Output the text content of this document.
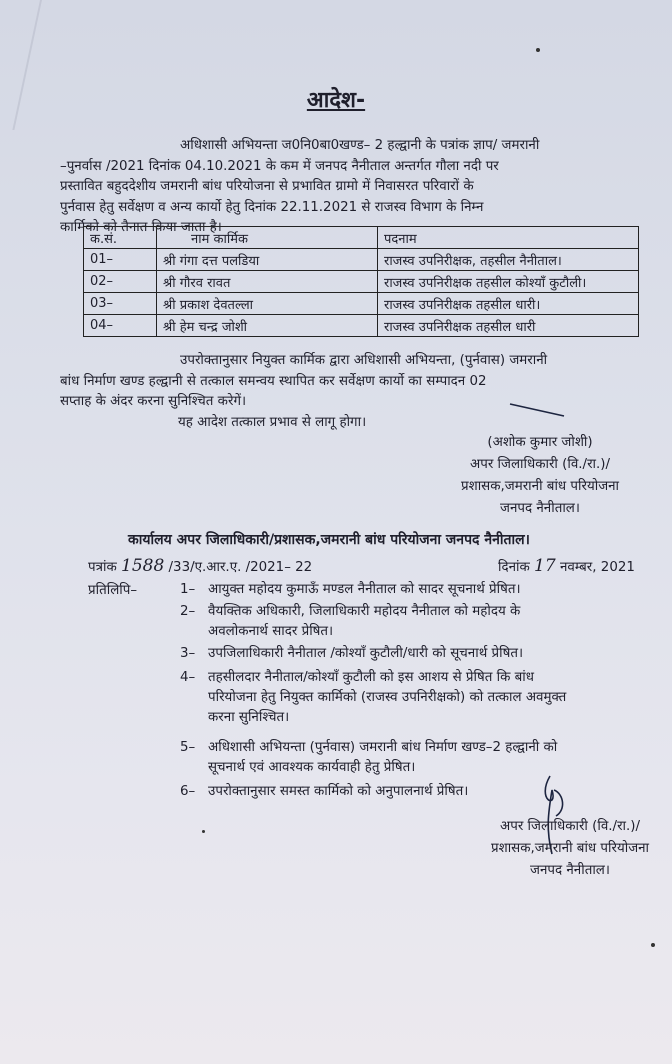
आदेश-
अधिशासी अभियन्ता ज0नि0बा0खण्ड– 2 हल्द्वानी के पत्रांक ज्ञाप/ जमरानी
–पुनर्वास /2021 दिनांक 04.10.2021 के कम में जनपद नैनीताल अन्तर्गत गौला नदी पर
प्रस्तावित बहुददेशीय जमरानी बांध परियोजना से प्रभावित ग्रामो में निवासरत परिवारों के
पुर्नवास हेतु सर्वेक्षण व अन्य कार्यो हेतु दिनांक 22.11.2021 से राजस्व विभाग के निम्न
कार्मिको को तैनात किया जाता है।
क.सं.	नाम कार्मिक	पदनाम
01–	श्री गंगा दत्त पलडिया	राजस्व उपनिरीक्षक, तहसील नैनीताल।
02–	श्री गौरव रावत	राजस्व उपनिरीक्षक तहसील कोश्यॉं कुटौली।
03–	श्री प्रकाश देवतल्ला	राजस्व उपनिरीक्षक तहसील धारी।
04–	श्री हेम चन्द्र जोशी	राजस्व उपनिरीक्षक तहसील धारी
उपरोक्तानुसार नियुक्त कार्मिक द्वारा अधिशासी अभियन्ता, (पुर्नवास) जमरानी
बांध निर्माण खण्ड हल्द्वानी से तत्काल समन्वय स्थापित कर सर्वेक्षण कार्यो का सम्पादन 02
सप्ताह के अंदर करना सुनिश्चित करेगें।
यह आदेश तत्काल प्रभाव से लागू होगा।
(अशोक कुमार जोशी)
अपर जिलाधिकारी (वि./रा.)/
प्रशासक,जमरानी बांध परियोजना
जनपद नैनीताल।
कार्यालय अपर जिलाधिकारी/प्रशासक,जमरानी बांध परियोजना जनपद नैनीताल।
पत्रांक 1588 /33/ए.आर.ए. /2021– 22	दिनांक 17 नवम्बर, 2021
प्रतिलिपि–	1– आयुक्त महोदय कुमाऊँ मण्डल नैनीताल को सादर सूचनार्थ प्रेषित।
2– वैयक्तिक अधिकारी, जिलाधिकारी महोदय नैनीताल को महोदय के
अवलोकनार्थ सादर प्रेषित।
3– उपजिलाधिकारी नैनीताल /कोश्यॉं कुटौली/धारी को सूचनार्थ प्रेषित।
4– तहसीलदार नैनीताल/कोश्यॉं कुटौली को इस आशय से प्रेषित कि बांध
परियोजना हेतु नियुक्त कार्मिको (राजस्व उपनिरीक्षको) को तत्काल अवमुक्त
करना सुनिश्चित।
5– अधिशासी अभियन्ता (पुर्नवास) जमरानी बांध निर्माण खण्ड–2 हल्द्वानी को
सूचनार्थ एवं आवश्यक कार्यवाही हेतु प्रेषित।
6– उपरोक्तानुसार समस्त कार्मिको को अनुपालनार्थ प्रेषित।
अपर जिलाधिकारी (वि./रा.)/
प्रशासक,जमरानी बांध परियोजना
जनपद नैनीताल।
